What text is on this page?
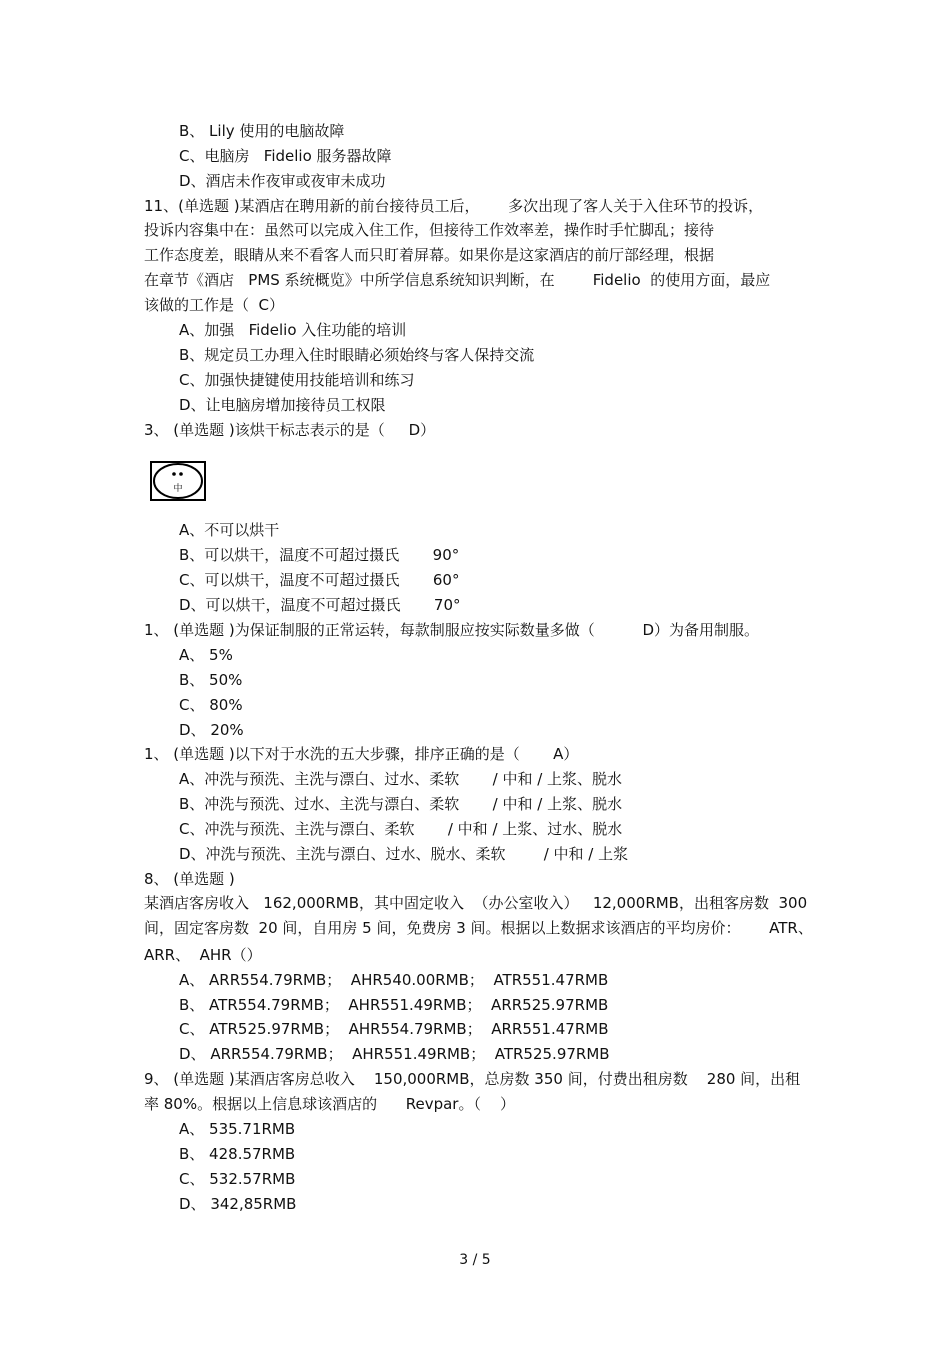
B、 Lily 使用的电脑故障
C、电脑房   Fidelio 服务器故障
D、酒店未作夜审或夜审未成功
11、(单选题 )某酒店在聘用新的前台接待员工后，      多次出现了客人关于入住环节的投诉，
投诉内容集中在：虽然可以完成入住工作，但接待工作效率差，操作时手忙脚乱；接待
工作态度差，眼睛从来不看客人而只盯着屏幕。如果你是这家酒店的前厅部经理，根据
在章节《酒店   PMS 系统概览》中所学信息系统知识判断，在        Fidelio  的使用方面，最应
该做的工作是（  C）
A、加强   Fidelio 入住功能的培训
B、规定员工办理入住时眼睛必须始终与客人保持交流
C、加强快捷键使用技能培训和练习
D、让电脑房增加接待员工权限
3、 (单选题 )该烘干标志表示的是（     D）
中
A、不可以烘干
B、可以烘干，温度不可超过摄氏       90°
C、可以烘干，温度不可超过摄氏       60°
D、可以烘干，温度不可超过摄氏       70°
1、 (单选题 )为保证制服的正常运转，每款制服应按实际数量多做（          D）为备用制服。
A、 5%
B、 50%
C、 80%
D、 20%
1、 (单选题 )以下对于水洗的五大步骤，排序正确的是（       A）
A、冲洗与预洗、主洗与漂白、过水、柔软       / 中和 / 上浆、脱水
B、冲洗与预洗、过水、主洗与漂白、柔软       / 中和 / 上浆、脱水
C、冲洗与预洗、主洗与漂白、柔软       / 中和 / 上浆、过水、脱水
D、冲洗与预洗、主洗与漂白、过水、脱水、柔软        / 中和 / 上浆
8、 (单选题 )
某酒店客房收入   162,000RMB，其中固定收入  （办公室收入）   12,000RMB，出租客房数  300
间，固定客房数  20 间，自用房 5 间，免费房 3 间。根据以上数据求该酒店的平均房价：      ATR、
ARR、  AHR（）
A、 ARR554.79RMB；  AHR540.00RMB；  ATR551.47RMB
B、 ATR554.79RMB；  AHR551.49RMB；  ARR525.97RMB
C、 ATR525.97RMB；  AHR554.79RMB；  ARR551.47RMB
D、 ARR554.79RMB；  AHR551.49RMB；  ATR525.97RMB
9、 (单选题 )某酒店客房总收入    150,000RMB，总房数 350 间，付费出租房数    280 间，出租
率 80%。根据以上信息球该酒店的      Revpar。（    ）
A、 535.71RMB
B、 428.57RMB
C、 532.57RMB
D、 342,85RMB
3 / 5
